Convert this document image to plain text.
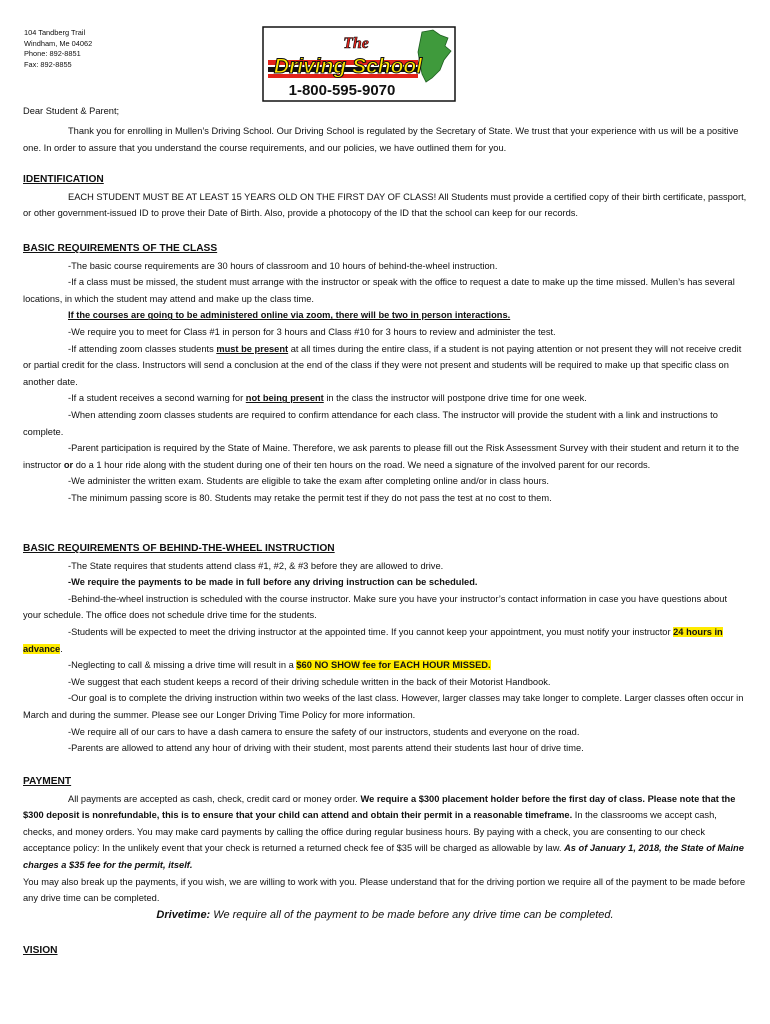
104 Tandberg Trail
Windham, Me 04062
Phone: 892-8851
Fax: 892-8855
The
Driving School
1-800-595-9070
Dear Student & Parent;

Thank you for enrolling in Mullen’s Driving School. Our Driving School is regulated by the Secretary of State. We trust that your experience with us will be a positive one. In order to assure that you understand the course requirements, and our policies, we have outlined them for you.

IDENTIFICATION

EACH STUDENT MUST BE AT LEAST 15 YEARS OLD ON THE FIRST DAY OF CLASS! All Students must provide a certified copy of their birth certificate, passport, or other government-issued ID to prove their Date of Birth. Also, provide a photocopy of the ID that the school can keep for our records.

BASIC REQUIREMENTS OF THE CLASS

-The basic course requirements are 30 hours of classroom and 10 hours of behind-the-wheel instruction.

-If a class must be missed, the student must arrange with the instructor or speak with the office to request a date to make up the time missed. Mullen’s has several locations, in which the student may attend and make up the class time.

If the courses are going to be administered online via zoom, there will be two in person interactions.

-We require you to meet for Class #1 in person for 3 hours and Class #10 for 3 hours to review and administer the test.

-If attending zoom classes students must be present at all times during the entire class, if a student is not paying attention or not present they will not receive credit or partial credit for the class. Instructors will send a conclusion at the end of the class if they were not present and students will be required to make up that specific class on another date.

-If a student receives a second warning for not being present in the class the instructor will postpone drive time for one week.

-When attending zoom classes students are required to confirm attendance for each class. The instructor will provide the student with a link and instructions to complete.

-Parent participation is required by the State of Maine. Therefore, we ask parents to please fill out the Risk Assessment Survey with their student and return it to the instructor or do a 1 hour ride along with the student during one of their ten hours on the road. We need a signature of the involved parent for our records.

-We administer the written exam. Students are eligible to take the exam after completing online and/or in class hours.

-The minimum passing score is 80. Students may retake the permit test if they do not pass the test at no cost to them.

BASIC REQUIREMENTS OF BEHIND-THE-WHEEL INSTRUCTION

-The State requires that students attend class #1, #2, & #3 before they are allowed to drive.

-We require the payments to be made in full before any driving instruction can be scheduled.

-Behind-the-wheel instruction is scheduled with the course instructor. Make sure you have your instructor’s contact information in case you have questions about your schedule. The office does not schedule drive time for the students.

-Students will be expected to meet the driving instructor at the appointed time. If you cannot keep your appointment, you must notify your instructor 24 hours in advance.

-Neglecting to call & missing a drive time will result in a $60 NO SHOW fee for EACH HOUR MISSED.

-We suggest that each student keeps a record of their driving schedule written in the back of their Motorist Handbook.

-Our goal is to complete the driving instruction within two weeks of the last class. However, larger classes may take longer to complete. Larger classes often occur in March and during the summer. Please see our Longer Driving Time Policy for more information.

-We require all of our cars to have a dash camera to ensure the safety of our instructors, students and everyone on the road.

-Parents are allowed to attend any hour of driving with their student, most parents attend their students last hour of drive time.

PAYMENT

All payments are accepted as cash, check, credit card or money order. We require a $300 placement holder before the first day of class. Please note that the $300 deposit is nonrefundable, this is to ensure that your child can attend and obtain their permit in a reasonable timeframe. In the classrooms we accept cash, checks, and money orders. You may make card payments by calling the office during regular business hours. By paying with a check, you are consenting to our check acceptance policy: In the unlikely event that your check is returned a returned check fee of $35 will be charged as allowable by law. As of January 1, 2018, the State of Maine charges a $35 fee for the permit, itself.

You may also break up the payments, if you wish, we are willing to work with you. Please understand that for the driving portion we require all of the payment to be made before any drive time can be completed.

Drivetime: We require all of the payment to be made before any drive time can be completed.
VISION
